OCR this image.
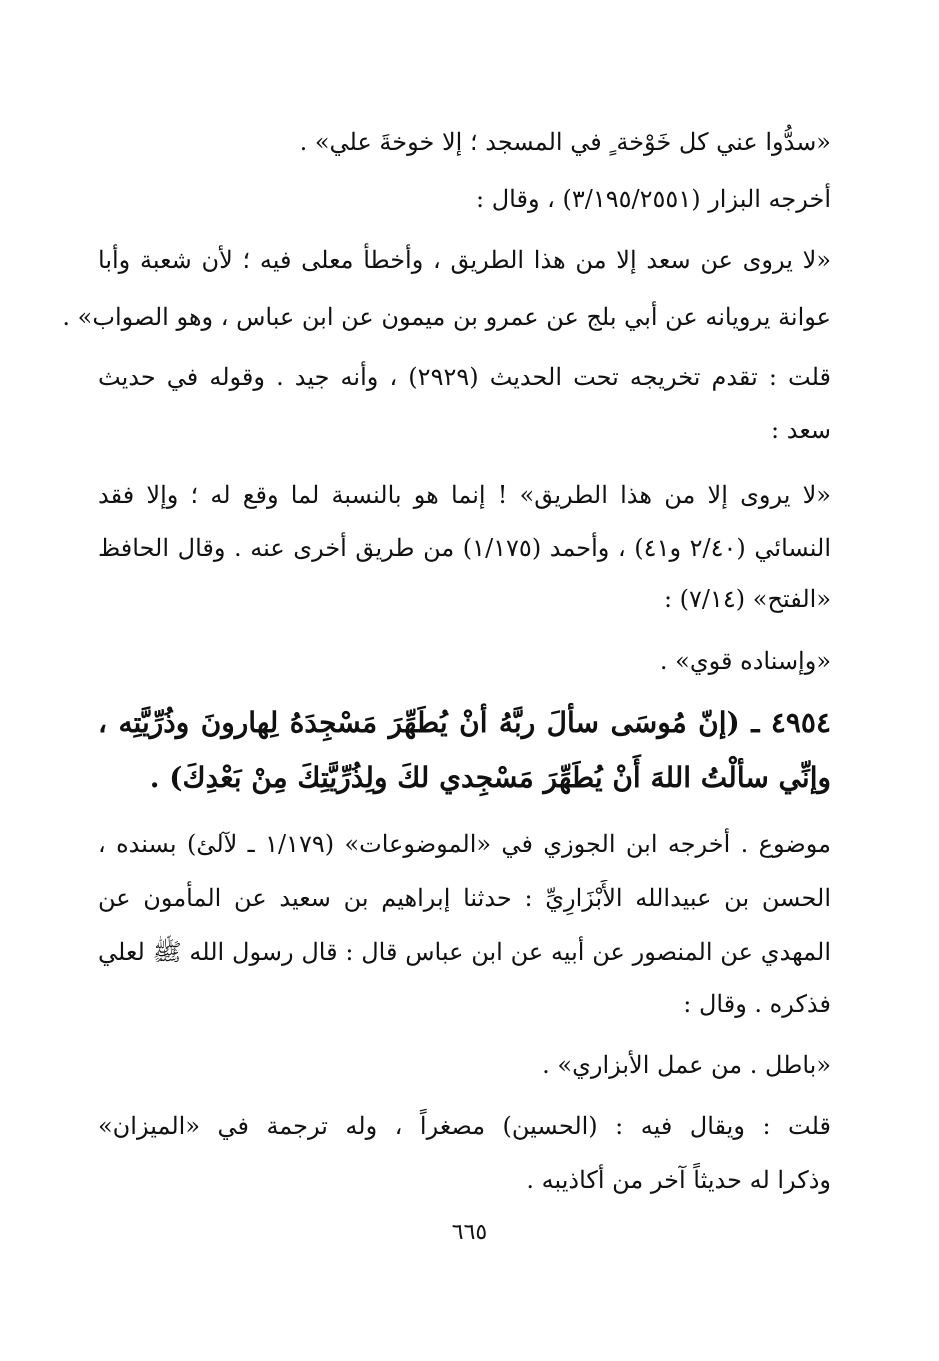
«سدُّوا عني كل خَوْخة ٍ في المسجد ؛ إلا خوخةَ علي» .
أخرجه البزار (٣/١٩٥/٢٥٥١) ، وقال :
«لا يروى عن سعد إلا من هذا الطريق ، وأخطأ معلى فيه ؛ لأن شعبة وأبا
عوانة يرويانه عن أبي بلج عن عمرو بن ميمون عن ابن عباس ، وهو الصواب» .
قلت : تقدم تخريجه تحت الحديث (٢٩٢٩) ، وأنه جيد . وقوله في حديث
سعد :
«لا يروى إلا من هذا الطريق» ! إنما هو بالنسبة لما وقع له ؛ وإلا فقد
النسائي (٢/٤٠ و٤١) ، وأحمد (١/١٧٥) من طريق أخرى عنه . وقال الحافظ
«الفتح» (٧/١٤) :
«وإسناده قوي» .
٤٩٥٤ ـ (إنّ مُوسَى سألَ ربَّهُ أنْ يُطَهِّرَ مَسْجِدَهُ لِهارونَ وذُرِّيَّتِه ،
وإنِّي سألْتُ اللهَ أَنْ يُطَهِّرَ مَسْجِدي لكَ ولِذُرِّيَّتِكَ مِنْ بَعْدِكَ) .
موضوع . أخرجه ابن الجوزي في «الموضوعات» (١/١٧٩ ـ لآلئ) بسنده ،
الحسن بن عبيدالله الأَبْزَارِيِّ : حدثنا إبراهيم بن سعيد عن المأمون عن
المهدي عن المنصور عن أبيه عن ابن عباس قال : قال رسول الله ﷺ لعلي
فذكره . وقال :
«باطل . من عمل الأبزاري» .
قلت : ويقال فيه : (الحسين) مصغراً ، وله ترجمة في «الميزان»
وذكرا له حديثاً آخر من أكاذيبه .
٦٦٥
